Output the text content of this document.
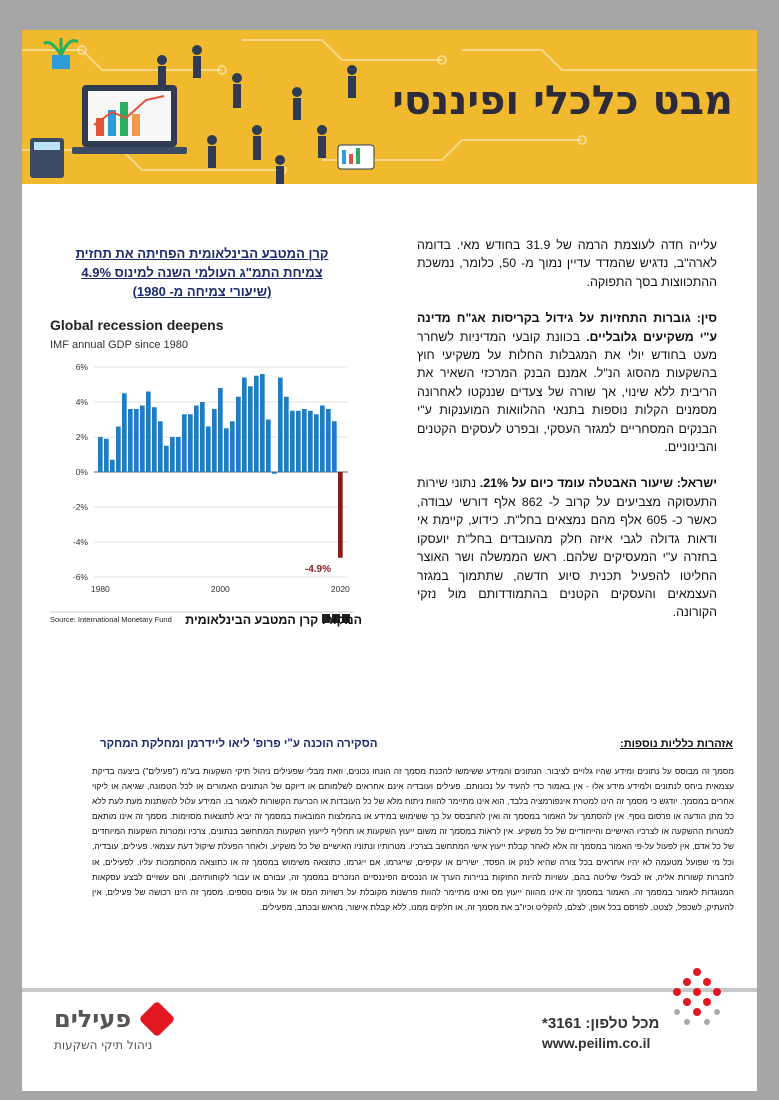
מבט כלכלי ופיננסי

עלייה חדה לעוצמת הרמה של 31.9 בחודש מאי. בדומה לארה"ב, נדגיש שהמדד עדיין נמוך מ- 50, כלומר, נמשכת ההתכווצות בסך התפוקה.

סין: גוברות התחזיות על גידול בקריסות אג"ח מדינה ע"י משקיעים גלובליים. בכוונת קובעי המדיניות לשחרר מעט בחודש יולי את המגבלות החלות על משקיעי חוץ בהשקעות מהסוג הנ"ל. אמנם הבנק המרכזי השאיר את הריבית ללא שינוי, אך שורה של צעדים שננקטו לאחרונה מסמנים הקלות נוספות בתנאי ההלוואות המוענקות ע"י הבנקים המסחריים למגזר העסקי, ובפרט לעסקים הקטנים והבינוניים.

ישראל: שיעור האבטלה עומד כיום על 21%. נתוני שירות התעסוקה מצביעים על קרוב ל- 862 אלף דורשי עבודה, כאשר כ- 605 אלף מהם נמצאים בחל"ת. כידוע, קיימת אי ודאות גדולה לגבי איזה חלק מהעובדים בחל"ת יועסקו בחזרה ע"י המעסיקים שלהם. ראש הממשלה ושר האוצר החליטו להפעיל תכנית סיוע חדשה, שתתמוך במגזר העצמאים והעסקים הקטנים בהתמודדותם מול נזקי הקורונה.

קרן המטבע הבינלאומית הפחיתה את תחזית
צמיחת התמ"ג העולמי השנה למינוס 4.9%
(שיעורי צמיחה מ- 1980)
Global recession deepens
IMF annual GDP since 1980
6%
4%
2%
0%
-2%
-4%
-6%
1980	2000	2020
-4.9%
Source: International Monetary Fund	המקור: קרן המטבע הבינלאומית
הסקירה הוכנה ע"י פרופ' ליאו ליידרמן ומחלקת המחקר	אזהרות כלליות נוספות:
מסמך זה מבוסס על נתונים ומידע שהיו גלויים לציבור. הנתונים והמידע ששימשו להכנת מסמך זה הונחו נכונים, וזאת מבלי שפעילים ניהול תיקי השקעות בע"מ ("פעילים") ביצעה בדיקת עצמאית ביחס לנתונים ולמידע מידע אלו - אין באמור כדי להעיד על נכונותם. פעילים ועובדיה אינם אחראים לשלמותם או דיוקם של הנתונים האמורים או לכל הטמונה, שגיאה או ליקוי אחרים במסמך. יודגש כי מסמך זה הינו למטרת אינפורמציה בלבד, הוא אינו מתיימר להוות ניתוח מלא של כל העובדות או הכרעת הקשורות לאמור בו. המידע עלול להשתנות מעת לעת ללא כל מתן הודעה או פרסום נוסף. אין להסתמך על האמור במסמך זה ואין להתבסס על כך ששימוש במידע או בהמלצות המובאות במסמך זה יביא לתוצאות מסוימות. מסמך זה אינו מותאם למטרות ההשקעה או לצרכיו האישיים והייחודיים של כל משקיע. אין לראות במסמך זה משום ייעוץ השקעות או תחליף לייעוץ השקעות המתחשב בנתונים, צרכיו ומטרות השקעות המיוחדים של כל אדם, אין לפעול על-פי האמור במסמך זה אלא לאחר קבלת ייעוץ אישי המתחשב בצרכיו. מטרותיו ונתוניו האישיים של כל משקיע, ולאחר הפעלת שיקול דעת עצמאי. פעילים, עובדיה, וכל מי שפועל מטעמה לא יהיו אחראים בכל צורה שהיא לנזק או הפסד, ישירים או עקיפים, שייגרמו, אם ייגרמו, כתוצאה משימוש במסמך זה או כתוצאה מהסתמכות עליו. לפעילים, או לחברות קשורות אליה, או לבעלי שליטה בהם, עשויות להיות החזקות בניירות הערך או הנכסים הפיננסיים הנזכרים במסמך זה, עבורם או עבור לקוחותיהם, והם עשויים לבצע עסקאות המנוגדות לאמור במסמך זה. האמור במסמך זה אינו מהווה ייעוץ מס ואינו מתיימר להוות פרשנות מקובלת על רשויות המס או על גופים נוספים. מסמך זה הינו רכושה של פעילים, אין להעתיק, לשכפל, לצטט, לפרסם בכל אופן, לצלם, להקליט וכיו"ב את מסמך זה, או חלקים ממנו, ללא קבלת אישור, מראש ובכתב, מפעילים.
פעילים
ניהול תיקי השקעות
מכל טלפון: 3161*
www.peilim.co.il
